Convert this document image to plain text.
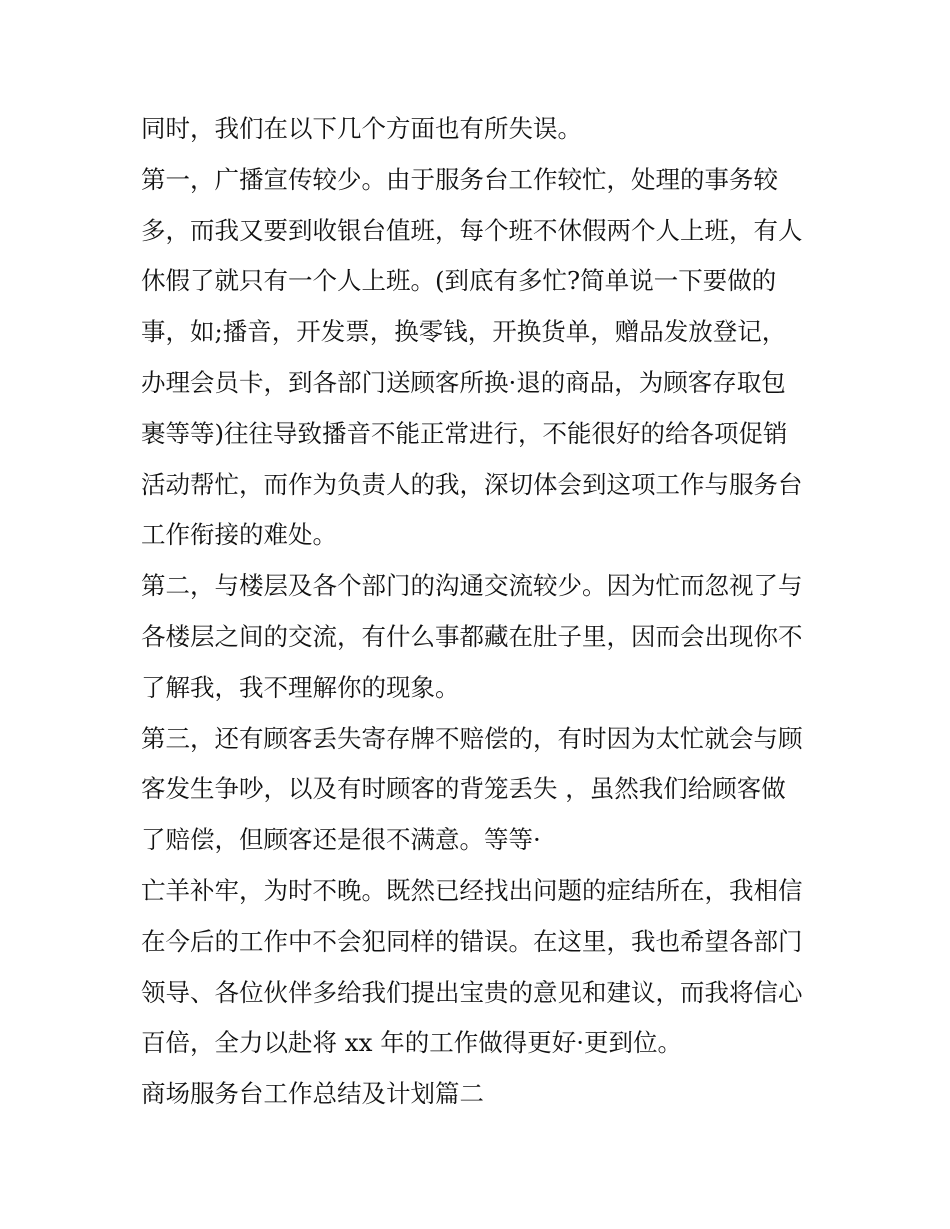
同时，我们在以下几个方面也有所失误。
第一，广播宣传较少。由于服务台工作较忙，处理的事务较
多，而我又要到收银台值班，每个班不休假两个人上班，有人
休假了就只有一个人上班。(到底有多忙?简单说一下要做的
事，如;播音，开发票，换零钱，开换货单，赠品发放登记，
办理会员卡，到各部门送顾客所换·退的商品，为顾客存取包
裹等等)往往导致播音不能正常进行，不能很好的给各项促销
活动帮忙，而作为负责人的我，深切体会到这项工作与服务台
工作衔接的难处。
第二，与楼层及各个部门的沟通交流较少。因为忙而忽视了与
各楼层之间的交流，有什么事都藏在肚子里，因而会出现你不
了解我，我不理解你的现象。
第三，还有顾客丢失寄存牌不赔偿的，有时因为太忙就会与顾
客发生争吵，以及有时顾客的背笼丢失 ，虽然我们给顾客做
了赔偿，但顾客还是很不满意。等等·
亡羊补牢，为时不晚。既然已经找出问题的症结所在，我相信
在今后的工作中不会犯同样的错误。在这里，我也希望各部门
领导、各位伙伴多给我们提出宝贵的意见和建议，而我将信心
百倍，全力以赴将 xx 年的工作做得更好·更到位。
商场服务台工作总结及计划篇二
